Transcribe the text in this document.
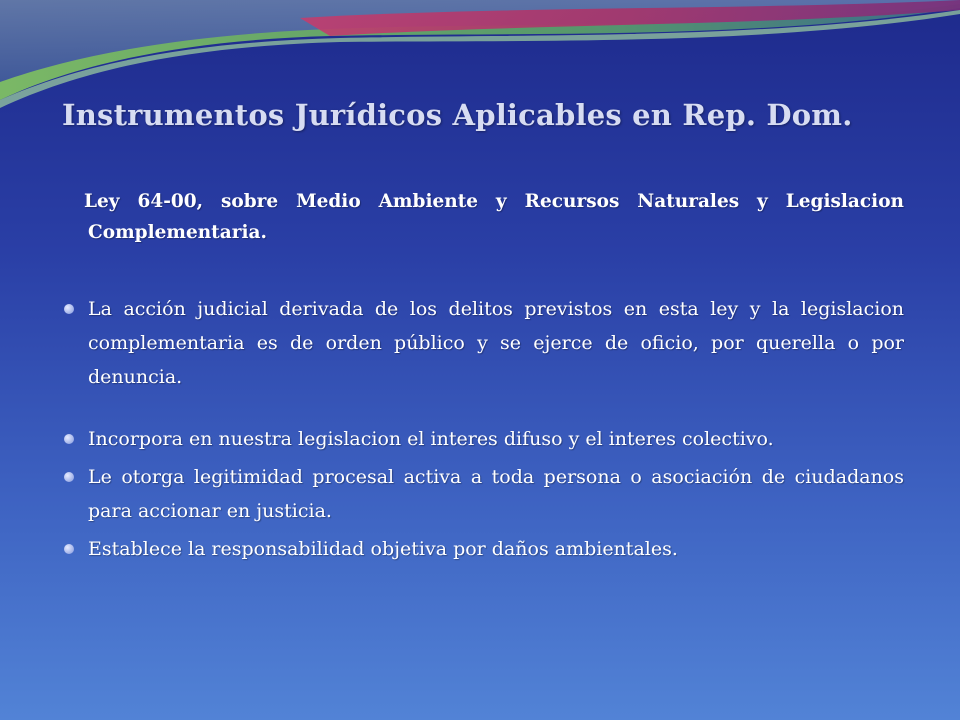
Instrumentos Jurídicos Aplicables en Rep. Dom.
Ley 64-00, sobre Medio Ambiente y Recursos Naturales y Legislacion Complementaria.
La acción judicial derivada de los delitos previstos en esta ley y la legislacion complementaria es de orden público y se ejerce de oficio, por querella o por denuncia.
Incorpora en nuestra legislacion el interes difuso y el interes colectivo.
Le otorga legitimidad procesal activa a toda persona o asociación de ciudadanos para accionar en justicia.
Establece la responsabilidad objetiva por daños ambientales.
